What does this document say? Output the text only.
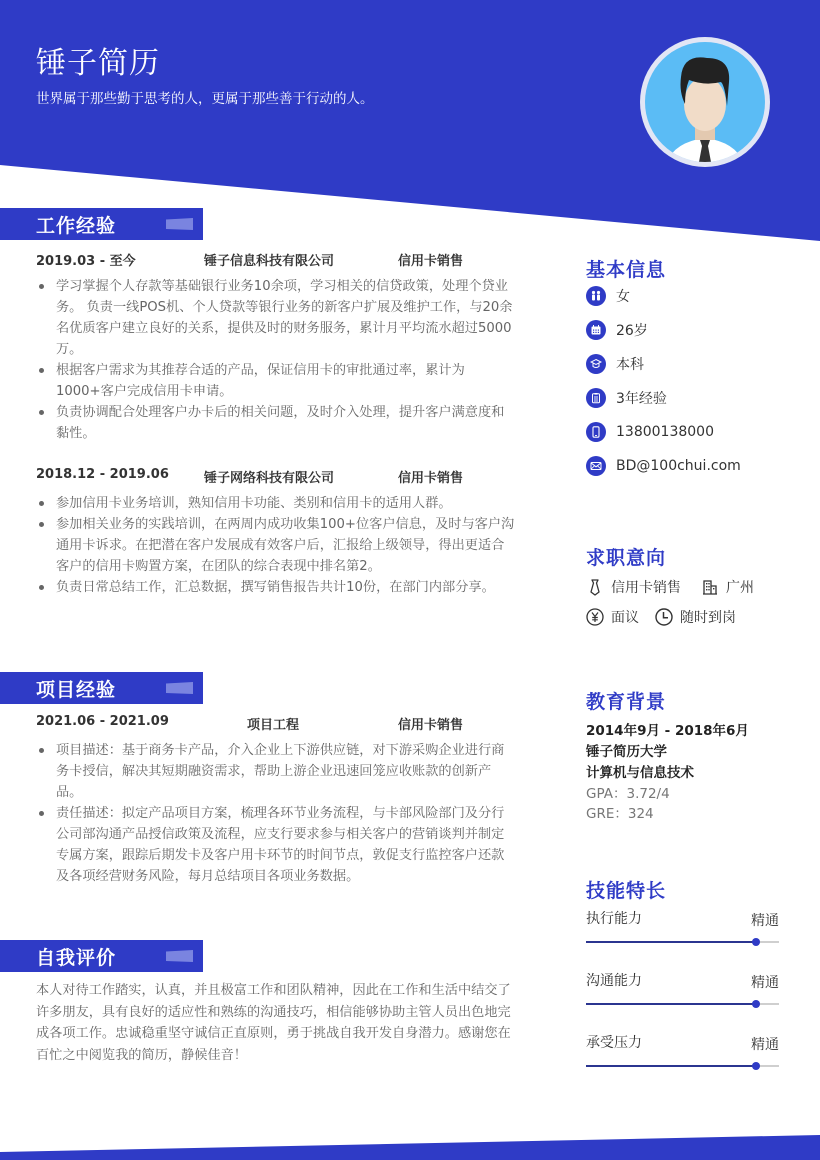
锤子简历
世界属于那些勤于思考的人，更属于那些善于行动的人。
工作经验
2019.03 - 至今	锤子信息科技有限公司	信用卡销售
学习掌握个人存款等基础银行业务10余项，学习相关的信贷政策，处理个贷业务。 负责一线POS机、个人贷款等银行业务的新客户扩展及维护工作，与20余名优质客户建立良好的关系，提供及时的财务服务，累计月平均流水超过5000万。
根据客户需求为其推荐合适的产品，保证信用卡的审批通过率，累计为1000+客户完成信用卡申请。
负责协调配合处理客户办卡后的相关问题，及时介入处理，提升客户满意度和黏性。
2018.12 - 2019.06	锤子网络科技有限公司	信用卡销售
参加信用卡业务培训，熟知信用卡功能、类别和信用卡的适用人群。
参加相关业务的实践培训，在两周内成功收集100+位客户信息，及时与客户沟通用卡诉求。在把潜在客户发展成有效客户后，汇报给上级领导，得出更适合客户的信用卡购置方案，在团队的综合表现中排名第2。
负责日常总结工作，汇总数据，撰写销售报告共计10份，在部门内部分享。
项目经验
2021.06 - 2021.09	项目工程	信用卡销售
项目描述：基于商务卡产品，介入企业上下游供应链，对下游采购企业进行商务卡授信，解决其短期融资需求，帮助上游企业迅速回笼应收账款的创新产品。
责任描述：拟定产品项目方案，梳理各环节业务流程，与卡部风险部门及分行公司部沟通产品授信政策及流程，应支行要求参与相关客户的营销谈判并制定专属方案，跟踪后期发卡及客户用卡环节的时间节点，敦促支行监控客户还款及各项经营财务风险，每月总结项目各项业务数据。
自我评价
本人对待工作踏实，认真，并且极富工作和团队精神，因此在工作和生活中结交了许多朋友，具有良好的适应性和熟练的沟通技巧，相信能够协助主管人员出色地完成各项工作。忠诚稳重坚守诚信正直原则，勇于挑战自我开发自身潜力。感谢您在百忙之中阅览我的简历，静候佳音！
基本信息
女
26岁
本科
3年经验
13800138000
BD@100chui.com
求职意向
信用卡销售	广州
面议	随时到岗
教育背景
2014年9月 - 2018年6月
锤子简历大学
计算机与信息技术
GPA：3.72/4
GRE：324
技能特长
执行能力	精通
沟通能力	精通
承受压力	精通
